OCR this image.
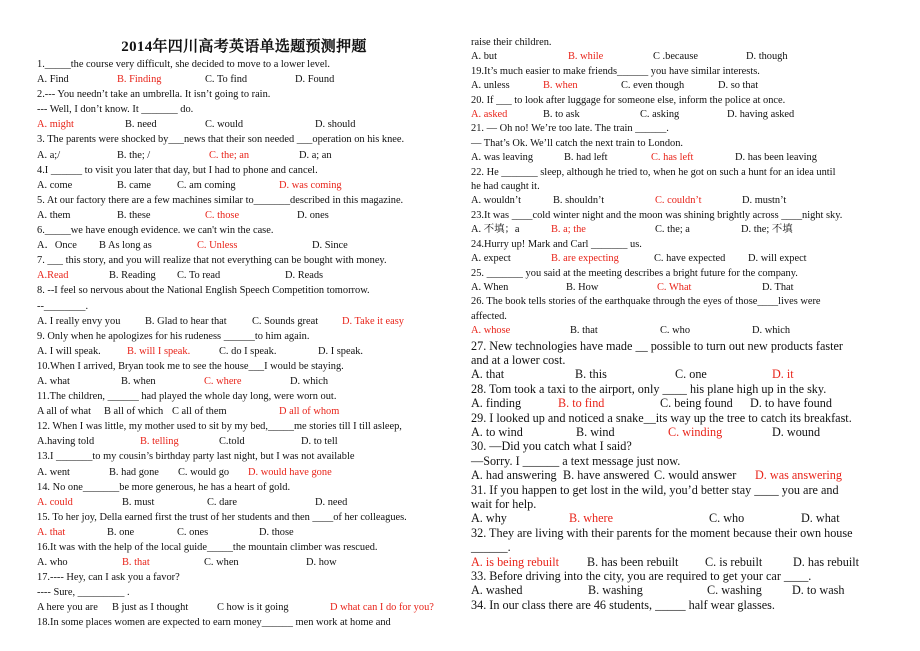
2014年四川高考英语单选题预测押题
1._____the course very difficult, she decided to move to a lower level.
A. Find	B. Finding	C. To find	D. Found
2.--- You needn’t take an umbrella. It isn’t going to rain.
--- Well, I don’t know. It _______ do.
A. might	B. need	C. would	D. should
3. The parents were shocked by___news that their son needed ___operation on his knee.
A. a;/	B. the; /	C. the; an	D. a; an
4.I ______ to visit you later that day, but I had to phone and cancel.
A. come	B. came	C. am coming	D. was coming
5. At our factory there are a few machines similar to_______described in this magazine.
A. them	B. these	C. those	D. ones
6._____we have enough evidence. we can't win the case.
A．Once	B As long as	C. Unless	D. Since
7. ___ this story, and you will realize that not everything can be bought with money.
A.Read	B. Reading	C. To read	D. Reads
8. --I feel so nervous about the National English Speech Competition tomorrow.
--________.
A. I really envy you	B. Glad to hear that	C. Sounds great	D. Take it easy
9. Only when he apologizes for his rudeness ______to him again.
A. I will speak.	B. will I speak.	C. do I speak.	D. I speak.
10.When I arrived, Bryan took me to see the house___I would be staying.
A. what	B. when	C. where	D. which
11.The children, ______ had played the whole day long, were worn out.
A all of what	B all of which C all of them	D all of whom
12. When I was little, my mother used to sit by my bed,_____me stories till I till asleep,
A.having told	B. telling	C.told	D. to tell
13.I _______to my cousin’s birthday party last night, but I was not available
A. went	B. had gone	C. would go	D. would have gone
14. No one_______be more generous, he has a heart of gold.
A. could	B. must	C. dare	D. need
15. To her joy, Della earned first the trust of her students and then ____of her colleagues.
A. that	B. one	C. ones	D. those
16.It was with the help of the local guide_____the mountain climber was rescued.
A. who	B. that	C. when	D. how
17.---- Hey, can I ask you a favor?
---- Sure, _________ .
A here you are	B just as I thought	C how is it going	D what can I do for you?
18.In some places women are expected to earn money______ men work at home and
raise their children.
A. but	B. while	C .because	D. though
19.It’s much easier to make friends______ you have similar interests.
A. unless	B. when	C. even though	D. so that
20. If ___ to look after luggage for someone else, inform the police at once.
A. asked	B. to ask	C. asking	D. having asked
21. — Oh no! We’re too late. The train ______.
— That’s Ok. We’ll catch the next train to London.
A. was leaving	B. had left	C. has left	D. has been leaving
22. He _______ sleep, although he tried to, when he got on such a hunt for an idea until
he had caught it.
A. wouldn’t	B. shouldn’t	C. couldn’t	D. mustn’t
23.It was ____cold winter night and the moon was shining brightly across ____night sky.
A. 不填；a	B. a; the	C. the; a	D. the; 不填
24.Hurry up! Mark and Carl _______ us.
A. expect	B. are expecting	C. have expected	D. will expect
25. _______ you said at the meeting describes a bright future for the company.
A. When	B. How	C. What	D. That
26. The book tells stories of the earthquake through the eyes of those____lives were
affected.
A. whose	B. that	C. who	D. which
27. New technologies have made __ possible to turn out new products faster
and at a lower cost.
A. that	B. this	C. one	D. it
28. Tom took a taxi to the airport, only ____ his plane high up in the sky.
A. finding	B. to find	C. being found	D. to have found
29. I looked up and noticed a snake__its way up the tree to catch its breakfast.
A. to wind	B. wind	C. winding	D. wound
30. —Did you catch what I said?
—Sorry. I ______ a text message just now.
A. had answering B. have answered C. would answer	D. was answering
31. If you happen to get lost in the wild, you’d better stay ____ you are and
wait for help.
A. why	B. where	C. who	D. what
32. They are living with their parents for the moment because their own house
______.
A. is being rebuilt	B. has been rebuilt	C. is rebuilt	D. has rebuilt
33. Before driving into the city, you are required to get your car ____.
A. washed	B. washing	C. washing	D. to wash
34. In our class there are 46 students, _____ half wear glasses.
